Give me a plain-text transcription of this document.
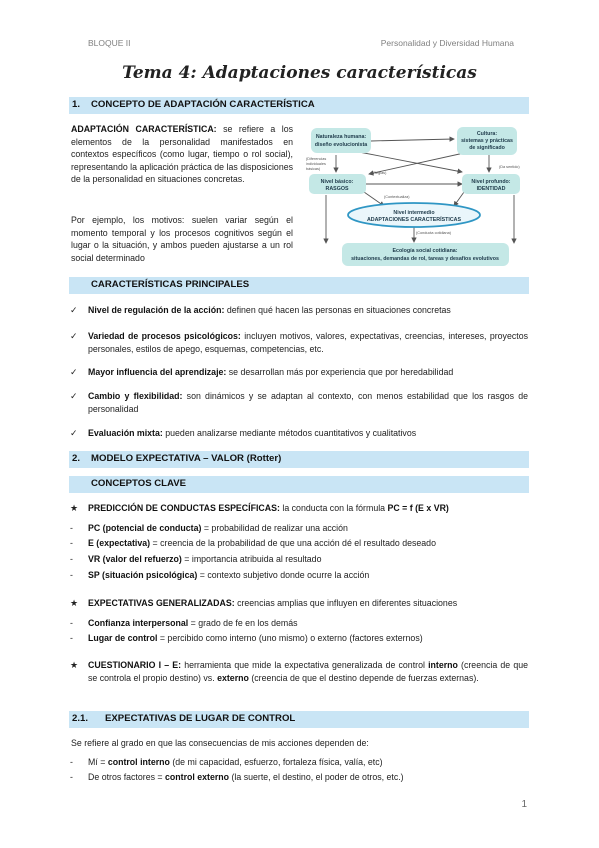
BLOQUE II	Personalidad y Diversidad Humana
Tema 4: Adaptaciones características
1. CONCEPTO DE ADAPTACIÓN CARACTERÍSTICA
ADAPTACIÓN CARACTERÍSTICA: se refiere a los elementos de la personalidad manifestados en contextos específicos (como lugar, tiempo o rol social), representando la aplicación práctica de las disposiciones de la personalidad en situaciones concretas.
Por ejemplo, los motivos: suelen variar según el momento temporal y los procesos cognitivos según el lugar o la situación, y ambos pueden ajustarse a un rol social determinado
Naturaleza humana:
diseño evolucionista
Cultura:
sistemas y prácticas
de significado
Nivel básico:
RASGOS
Nivel profundo:
IDENTIDAD
Nivel intermedio
ADAPTACIONES CARACTERÍSTICAS
Ecología social cotidiana:
situaciones, demandas de rol, tareas y desafíos evolutivos
(Diferencias
individuales
básicas)
(Reglas)
(Da sentido)
(Contextualiza)
(Conducta cotidiana)
CARACTERÍSTICAS PRINCIPALES
✓ Nivel de regulación de la acción: definen qué hacen las personas en situaciones concretas
✓ Variedad de procesos psicológicos: incluyen motivos, valores, expectativas, creencias, intereses, proyectos personales, estilos de apego, esquemas, competencias, etc.
✓ Mayor influencia del aprendizaje: se desarrollan más por experiencia que por heredabilidad
✓ Cambio y flexibilidad: son dinámicos y se adaptan al contexto, con menos estabilidad que los rasgos de personalidad
✓ Evaluación mixta: pueden analizarse mediante métodos cuantitativos y cualitativos
2. MODELO EXPECTATIVA – VALOR (Rotter)
CONCEPTOS CLAVE
★ PREDICCIÓN DE CONDUCTAS ESPECÍFICAS: la conducta con la fórmula PC = f (E x VR)
- PC (potencial de conducta) = probabilidad de realizar una acción
- E (expectativa) = creencia de la probabilidad de que una acción dé el resultado deseado
- VR (valor del refuerzo) = importancia atribuida al resultado
- SP (situación psicológica) = contexto subjetivo donde ocurre la acción
★ EXPECTATIVAS GENERALIZADAS: creencias amplias que influyen en diferentes situaciones
- Confianza interpersonal = grado de fe en los demás
- Lugar de control = percibido como interno (uno mismo) o externo (factores externos)
★ CUESTIONARIO I – E: herramienta que mide la expectativa generalizada de control interno (creencia de que se controla el propio destino) vs. externo (creencia de que el destino depende de fuerzas externas).
2.1. EXPECTATIVAS DE LUGAR DE CONTROL
Se refiere al grado en que las consecuencias de mis acciones dependen de:
- Mí = control interno (de mi capacidad, esfuerzo, fortaleza física, valía, etc)
- De otros factores = control externo (la suerte, el destino, el poder de otros, etc.)
1
